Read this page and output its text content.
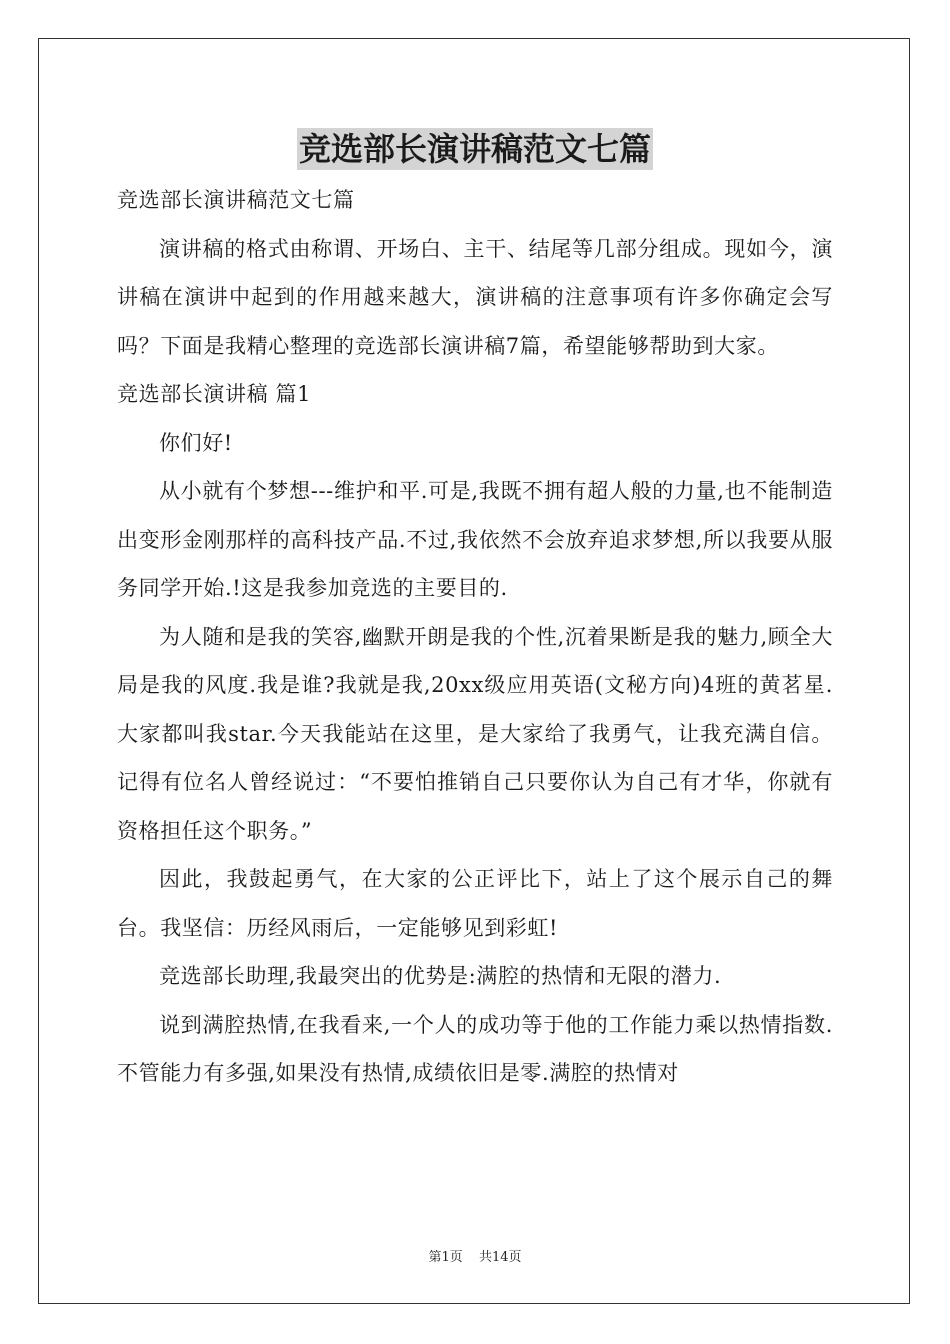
竞选部长演讲稿范文七篇

竞选部长演讲稿范文七篇

演讲稿的格式由称谓、开场白、主干、结尾等几部分组成。现如今，演讲稿在演讲中起到的作用越来越大，演讲稿的注意事项有许多你确定会写吗？下面是我精心整理的竞选部长演讲稿7篇，希望能够帮助到大家。

竞选部长演讲稿 篇1

你们好!

从小就有个梦想---维护和平.可是,我既不拥有超人般的力量,也不能制造出变形金刚那样的高科技产品.不过,我依然不会放弃追求梦想,所以我要从服务同学开始.!这是我参加竞选的主要目的.

为人随和是我的笑容,幽默开朗是我的个性,沉着果断是我的魅力,顾全大局是我的风度.我是谁?我就是我,20xx级应用英语(文秘方向)4班的黄茗星.大家都叫我star.今天我能站在这里，是大家给了我勇气，让我充满自信。记得有位名人曾经说过：“不要怕推销自己只要你认为自己有才华，你就有资格担任这个职务。”

因此，我鼓起勇气，在大家的公正评比下，站上了这个展示自己的舞台。我坚信：历经风雨后，一定能够见到彩虹!

竞选部长助理,我最突出的优势是:满腔的热情和无限的潜力.

说到满腔热情,在我看来,一个人的成功等于他的工作能力乘以热情指数.不管能力有多强,如果没有热情,成绩依旧是零.满腔的热情对

第1页 共14页
